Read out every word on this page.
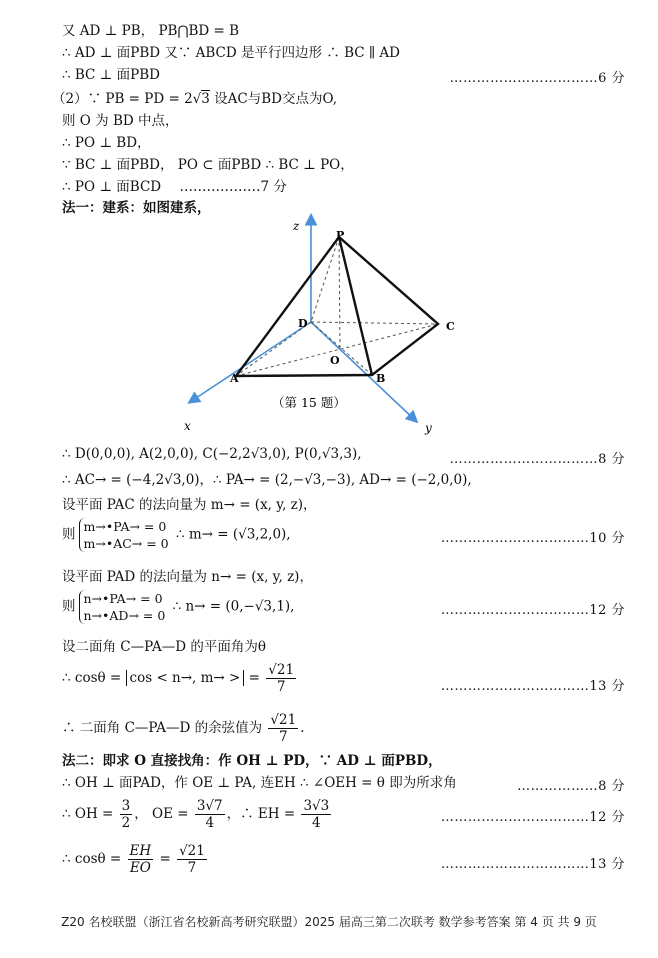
又 AD ⊥ PB， PB⋂BD = B
∴ AD ⊥ 面PBD 又∵ ABCD 是平行四边形 ∴ BC ∥ AD
∴ BC ⊥ 面PBD	……………………………6 分
（2）∵ PB = PD = 2√3 设AC与BD交点为O,
则 O 为 BD 中点，
∴ PO ⊥ BD，
∵ BC ⊥ 面PBD， PO ⊂ 面PBD ∴ BC ⊥ PO，
∴ PO ⊥ 面BCD ………………7 分
法一：建系：如图建系，
z
P
D	C
O
A	B
x	y
（第 15 题）
∴ D(0,0,0), A(2,0,0), C(−2,2√3,0), P(0,√3,3),	……………………………8 分
∴ AC→ = (−4,2√3,0)，∴ PA→ = (2,−√3,−3), AD→ = (−2,0,0),
设平面 PAC 的法向量为 m→ = (x, y, z)，
则 m→•PA→ = 0
m→•AC→ = 0 ∴ m→ = (√3,2,0),	……………………………10 分
设平面 PAD 的法向量为 n→ = (x, y, z)，
则 n→•PA→ = 0
n→•AD→ = 0 ∴ n→ = (0,−√3,1),	……………………………12 分
设二面角 C—PA—D 的平面角为θ
∴ cosθ = cos < n→, m→ > = $\frac{√21}{7}$	……………………………13 分
∴ 二面角 C—PA—D 的余弦值为 $\frac{√21}{7}$ .
法二：即求 O 直接找角：作 OH ⊥ PD，∵ AD ⊥ 面PBD，
∴ OH ⊥ 面PAD，作 OE ⊥ PA, 连EH ∴ ∠OEH = θ 即为所求角	………………8 分
∴ OH = $\frac{3}{2}$ ， OE = $\frac{3√7}{4}$ ，∴ EH = $\frac{3√3}{4}$	……………………………12 分
∴ $\cos\theta = \frac{EH}{EO} = \frac{√21}{7}$	……………………………13 分
Z20 名校联盟（浙江省名校新高考研究联盟）2025 届高三第二次联考 数学参考答案 第 4 页 共 9 页
